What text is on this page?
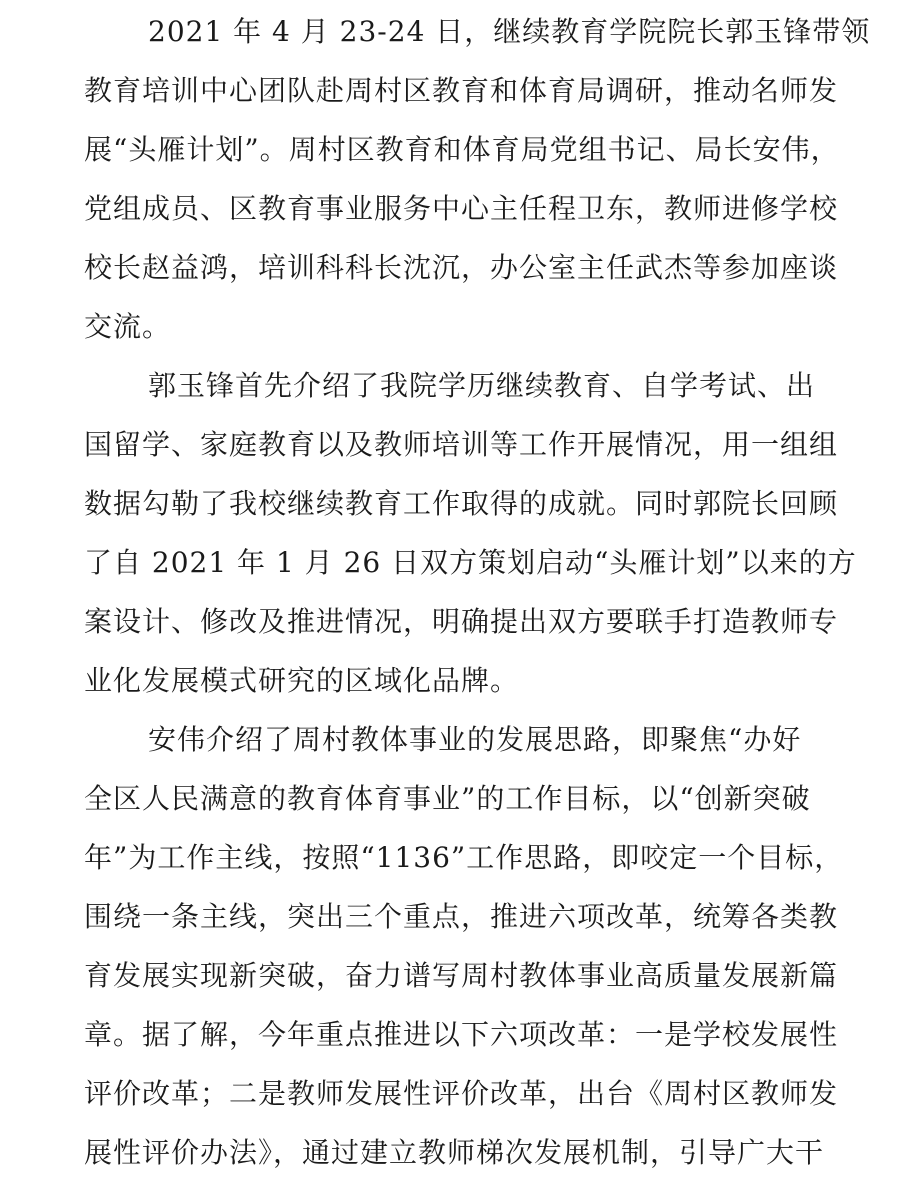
2021 年 4 月 23-24 日，继续教育学院院长郭玉锋带领
教育培训中心团队赴周村区教育和体育局调研，推动名师发
展“头雁计划”。周村区教育和体育局党组书记、局长安伟，
党组成员、区教育事业服务中心主任程卫东，教师进修学校
校长赵益鸿，培训科科长沈沉，办公室主任武杰等参加座谈
交流。
郭玉锋首先介绍了我院学历继续教育、自学考试、出
国留学、家庭教育以及教师培训等工作开展情况，用一组组
数据勾勒了我校继续教育工作取得的成就。同时郭院长回顾
了自 2021 年 1 月 26 日双方策划启动“头雁计划”以来的方
案设计、修改及推进情况，明确提出双方要联手打造教师专
业化发展模式研究的区域化品牌。
安伟介绍了周村教体事业的发展思路，即聚焦“办好
全区人民满意的教育体育事业”的工作目标，以“创新突破
年”为工作主线，按照“1136”工作思路，即咬定一个目标，
围绕一条主线，突出三个重点，推进六项改革，统筹各类教
育发展实现新突破，奋力谱写周村教体事业高质量发展新篇
章。据了解，今年重点推进以下六项改革：一是学校发展性
评价改革；二是教师发展性评价改革，出台《周村区教师发
展性评价办法》，通过建立教师梯次发展机制，引导广大干
